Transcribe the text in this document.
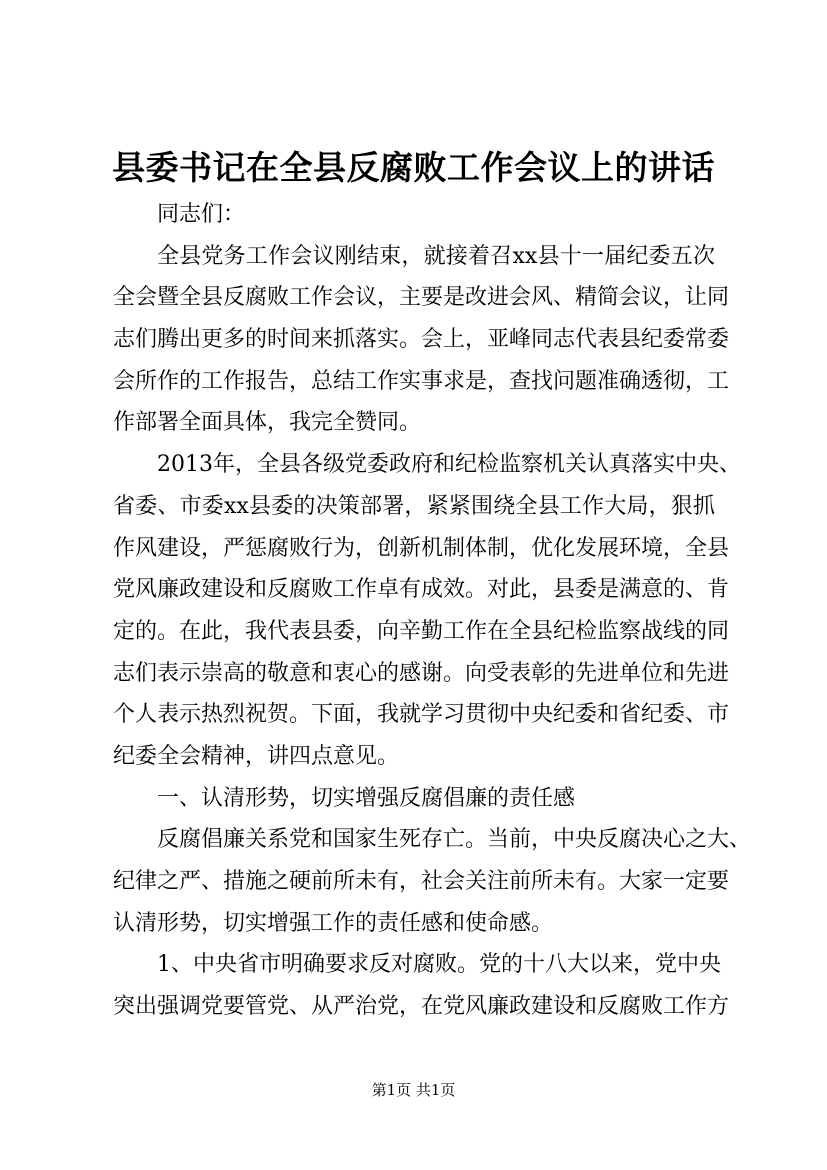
县委书记在全县反腐败工作会议上的讲话
同志们：
全县党务工作会议刚结束，就接着召xx县十一届纪委五次
全会暨全县反腐败工作会议，主要是改进会风、精简会议，让同
志们腾出更多的时间来抓落实。会上，亚峰同志代表县纪委常委
会所作的工作报告，总结工作实事求是，查找问题准确透彻，工
作部署全面具体，我完全赞同。
2013年，全县各级党委政府和纪检监察机关认真落实中央、
省委、市委xx县委的决策部署，紧紧围绕全县工作大局，狠抓
作风建设，严惩腐败行为，创新机制体制，优化发展环境，全县
党风廉政建设和反腐败工作卓有成效。对此，县委是满意的、肯
定的。在此，我代表县委，向辛勤工作在全县纪检监察战线的同
志们表示崇高的敬意和衷心的感谢。向受表彰的先进单位和先进
个人表示热烈祝贺。下面，我就学习贯彻中央纪委和省纪委、市
纪委全会精神，讲四点意见。
一、认清形势，切实增强反腐倡廉的责任感
反腐倡廉关系党和国家生死存亡。当前，中央反腐决心之大、
纪律之严、措施之硬前所未有，社会关注前所未有。大家一定要
认清形势，切实增强工作的责任感和使命感。
1、中央省市明确要求反对腐败。党的十八大以来，党中央
突出强调党要管党、从严治党，在党风廉政建设和反腐败工作方
第1页 共1页
